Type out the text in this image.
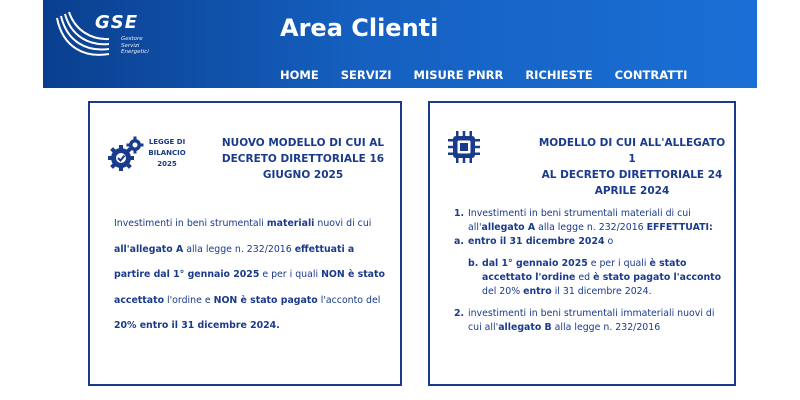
GSE
Gestore
Servizi
Energetici
Area Clienti
HOME SERVIZI MISURE PNRR RICHIESTE CONTRATTI
LEGGE DI
BILANCIO
2025
NUOVO MODELLO DI CUI AL
DECRETO DIRETTORIALE 16
GIUGNO 2025
Investimenti in beni strumentali materiali nuovi di cui all'allegato A alla legge n. 232/2016 effettuati a partire dal 1° gennaio 2025 e per i quali NON è stato accettato l'ordine e NON è stato pagato l'acconto del 20% entro il 31 dicembre 2024.
MODELLO DI CUI ALL'ALLEGATO 1
AL DECRETO DIRETTORIALE 24
APRILE 2024
1. Investimenti in beni strumentali materiali di cui all'allegato A alla legge n. 232/2016 EFFETTUATI:
a. entro il 31 dicembre 2024 o
b. dal 1° gennaio 2025 e per i quali è stato accettato l'ordine ed è stato pagato l'acconto del 20% entro il 31 dicembre 2024.
2. investimenti in beni strumentali immateriali nuovi di cui all'allegato B alla legge n. 232/2016
